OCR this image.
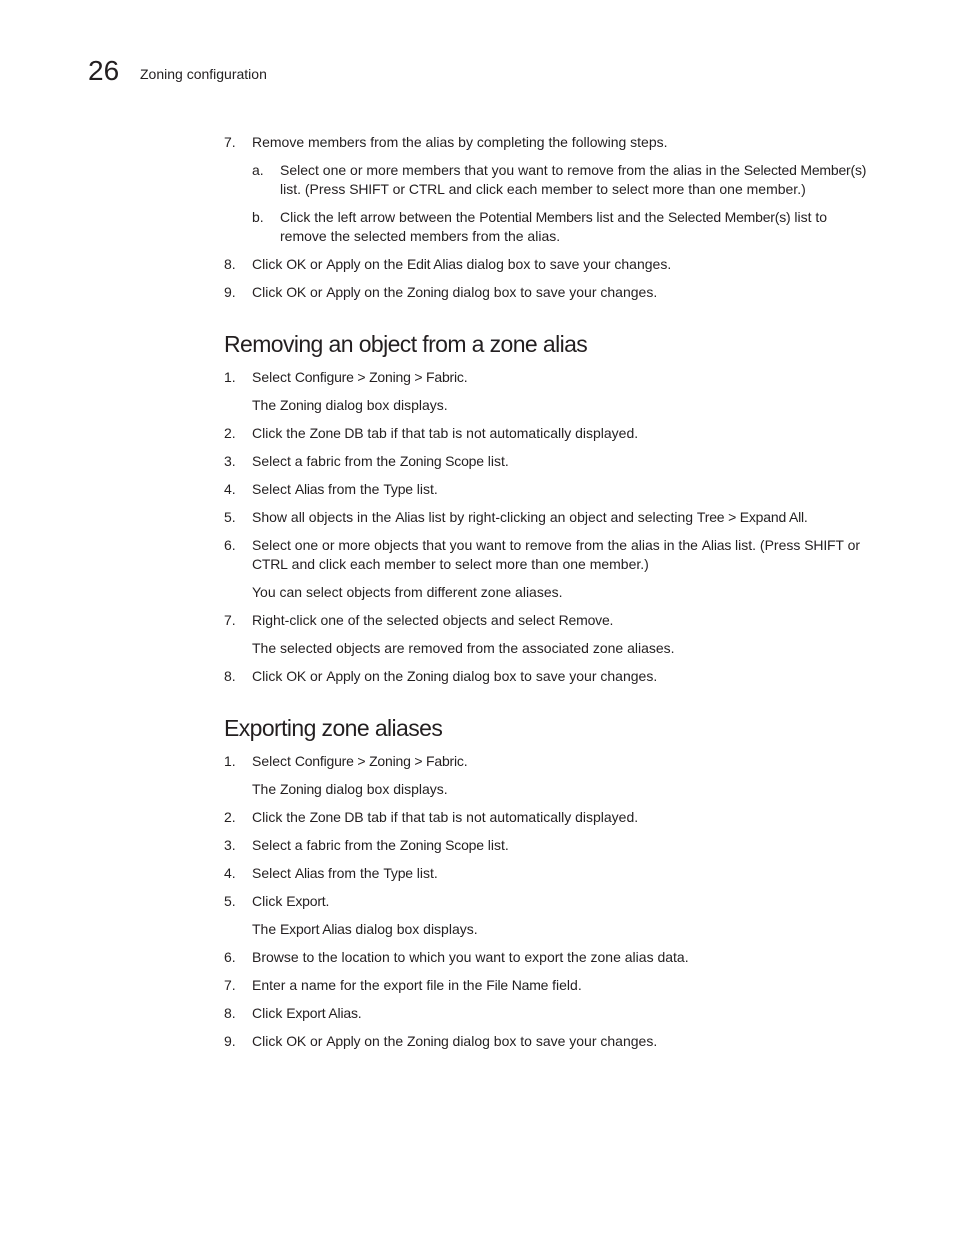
26 Zoning configuration
7. Remove members from the alias by completing the following steps.
a. Select one or more members that you want to remove from the alias in the Selected Member(s) list. (Press SHIFT or CTRL and click each member to select more than one member.)
b. Click the left arrow between the Potential Members list and the Selected Member(s) list to remove the selected members from the alias.
8. Click OK or Apply on the Edit Alias dialog box to save your changes.
9. Click OK or Apply on the Zoning dialog box to save your changes.
Removing an object from a zone alias
1. Select Configure > Zoning > Fabric.
The Zoning dialog box displays.
2. Click the Zone DB tab if that tab is not automatically displayed.
3. Select a fabric from the Zoning Scope list.
4. Select Alias from the Type list.
5. Show all objects in the Alias list by right-clicking an object and selecting Tree > Expand All.
6. Select one or more objects that you want to remove from the alias in the Alias list. (Press SHIFT or CTRL and click each member to select more than one member.)
You can select objects from different zone aliases.
7. Right-click one of the selected objects and select Remove.
The selected objects are removed from the associated zone aliases.
8. Click OK or Apply on the Zoning dialog box to save your changes.
Exporting zone aliases
1. Select Configure > Zoning > Fabric.
The Zoning dialog box displays.
2. Click the Zone DB tab if that tab is not automatically displayed.
3. Select a fabric from the Zoning Scope list.
4. Select Alias from the Type list.
5. Click Export.
The Export Alias dialog box displays.
6. Browse to the location to which you want to export the zone alias data.
7. Enter a name for the export file in the File Name field.
8. Click Export Alias.
9. Click OK or Apply on the Zoning dialog box to save your changes.
